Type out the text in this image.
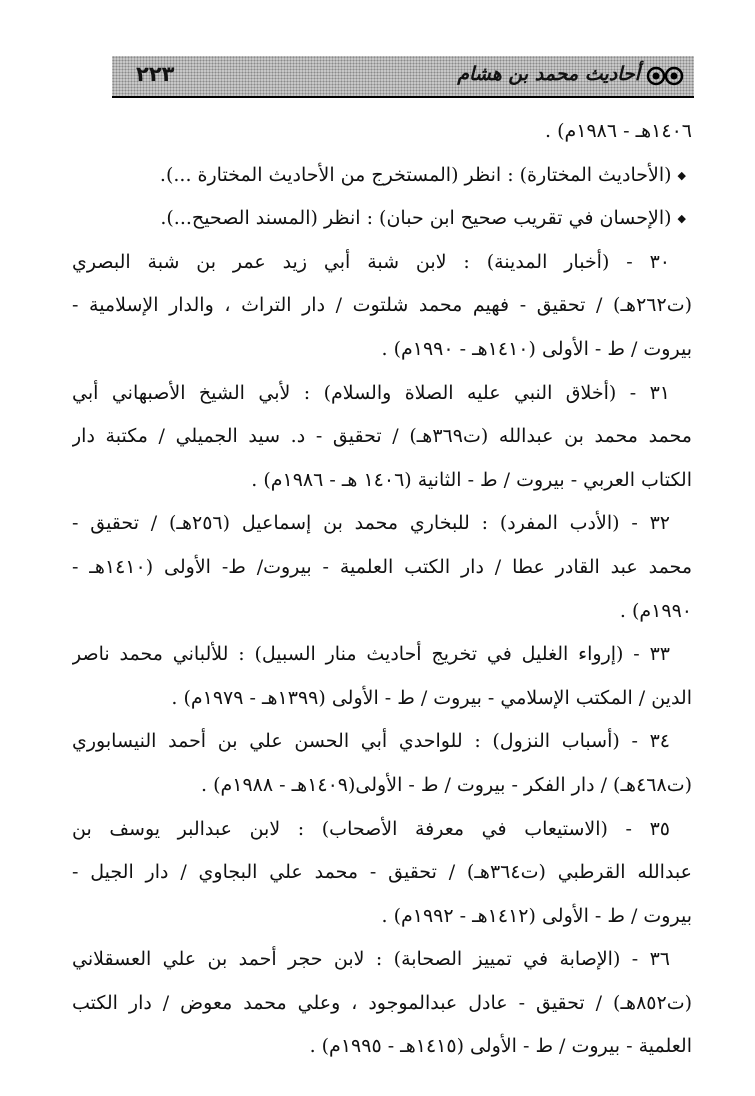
٢٢٣	أحاديث محمد بن هشام
١٤٠٦هـ - ١٩٨٦م) .
◆(الأحاديث المختارة) : انظر (المستخرج من الأحاديث المختارة ...).
◆(الإحسان في تقريب صحيح ابن حبان) : انظر (المسند الصحيح...).
٣٠ - (أخبار المدينة) : لابن شبة أبي زيد عمر بن شبة البصري
(ت٢٦٢هـ) / تحقيق - فهيم محمد شلتوت / دار التراث ، والدار الإسلامية -
بيروت / ط - الأولى (١٤١٠هـ - ١٩٩٠م) .
٣١ - (أخلاق النبي عليه الصلاة والسلام) : لأبي الشيخ الأصبهاني أبي
محمد محمد بن عبدالله (ت٣٦٩هـ) / تحقيق - د. سيد الجميلي / مكتبة دار
الكتاب العربي - بيروت / ط - الثانية (١٤٠٦ هـ - ١٩٨٦م) .
٣٢ - (الأدب المفرد) : للبخاري محمد بن إسماعيل (٢٥٦هـ) / تحقيق -
محمد عبد القادر عطا / دار الكتب العلمية - بيروت/ ط- الأولى (١٤١٠هـ -
١٩٩٠م) .
٣٣ - (إرواء الغليل في تخريج أحاديث منار السبيل) : للألباني محمد ناصر
الدين / المكتب الإسلامي - بيروت / ط - الأولى (١٣٩٩هـ - ١٩٧٩م) .
٣٤ - (أسباب النزول) : للواحدي أبي الحسن علي بن أحمد النيسابوري
(ت٤٦٨هـ) / دار الفكر - بيروت / ط - الأولى(١٤٠٩هـ - ١٩٨٨م) .
٣٥ - (الاستيعاب في معرفة الأصحاب) : لابن عبدالبر يوسف بن
عبدالله القرطبي (ت٣٦٤هـ) / تحقيق - محمد علي البجاوي / دار الجيل -
بيروت / ط - الأولى (١٤١٢هـ - ١٩٩٢م) .
٣٦ - (الإصابة في تمييز الصحابة) : لابن حجر أحمد بن علي العسقلاني
(ت٨٥٢هـ) / تحقيق - عادل عبدالموجود ، وعلي محمد معوض / دار الكتب
العلمية - بيروت / ط - الأولى (١٤١٥هـ - ١٩٩٥م) .
